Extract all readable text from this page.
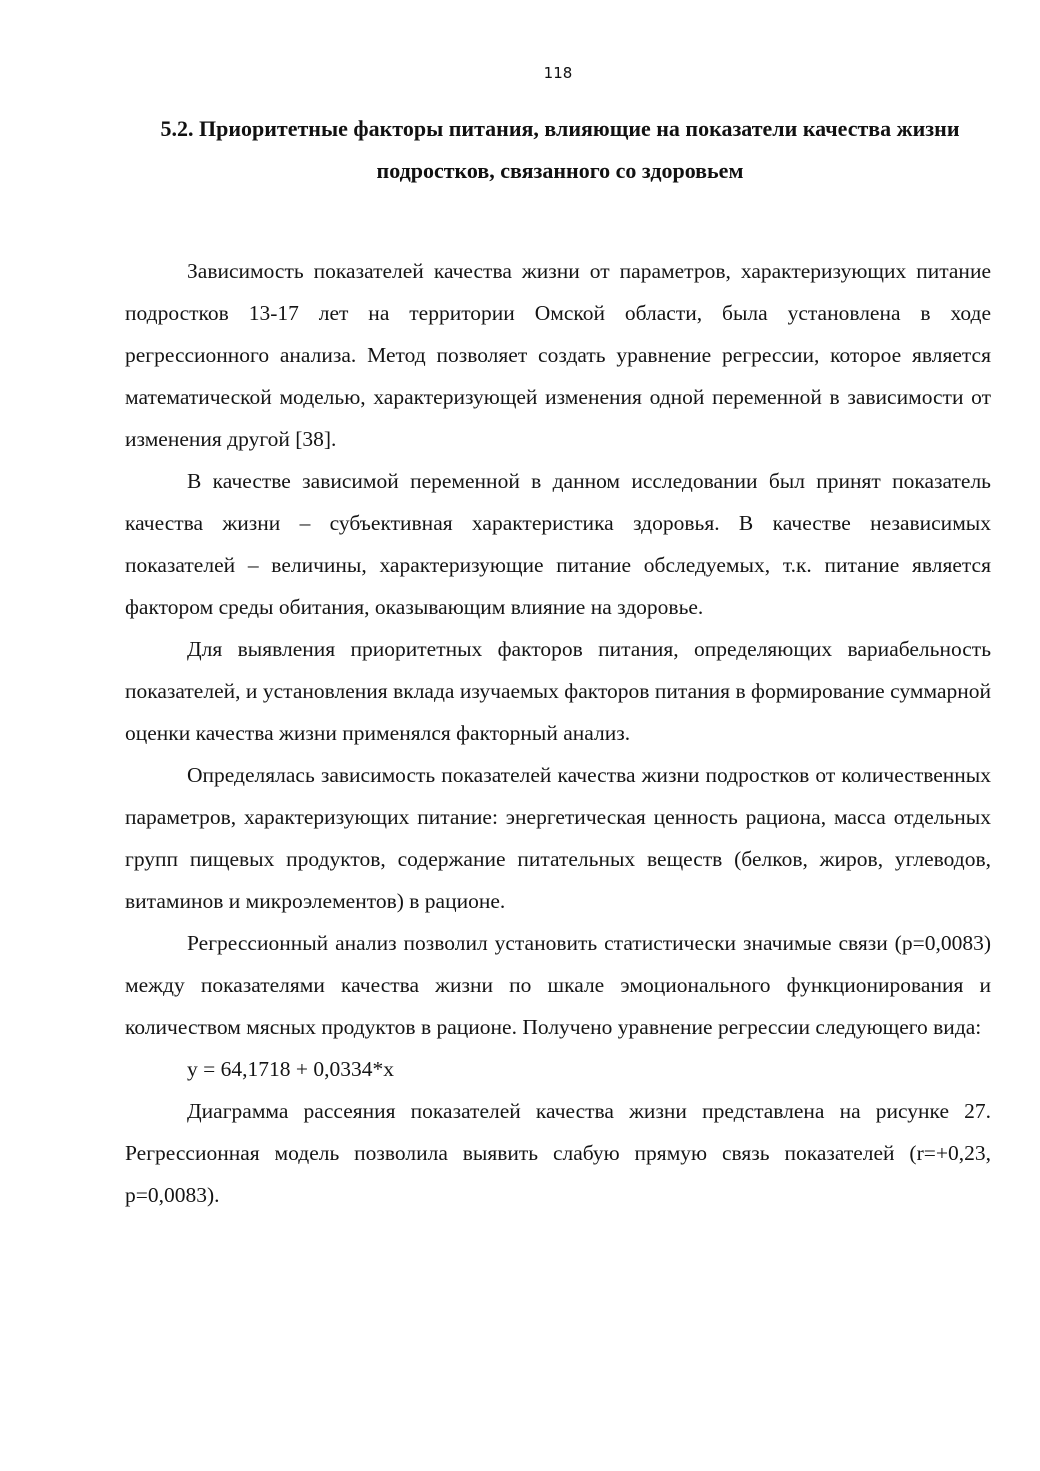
118
5.2. Приоритетные факторы питания, влияющие на показатели качества жизни подростков, связанного со здоровьем

Зависимость показателей качества жизни от параметров, характеризующих питание подростков 13-17 лет на территории Омской области, была установлена в ходе регрессионного анализа. Метод позволяет создать уравнение регрессии, которое является математической моделью, характеризующей изменения одной переменной в зависимости от изменения другой [38].

В качестве зависимой переменной в данном исследовании был принят показатель качества жизни – субъективная характеристика здоровья. В качестве независимых показателей – величины, характеризующие питание обследуемых, т.к. питание является фактором среды обитания, оказывающим влияние на здоровье.

Для выявления приоритетных факторов питания, определяющих вариабельность показателей, и установления вклада изучаемых факторов питания в формирование суммарной оценки качества жизни применялся факторный анализ.

Определялась зависимость показателей качества жизни подростков от количественных параметров, характеризующих питание: энергетическая ценность рациона, масса отдельных групп пищевых продуктов, содержание питательных веществ (белков, жиров, углеводов, витаминов и микроэлементов) в рационе.

Регрессионный анализ позволил установить статистически значимые связи (p=0,0083) между показателями качества жизни по шкале эмоционального функционирования и количеством мясных продуктов в рационе. Получено уравнение регрессии следующего вида:

y = 64,1718 + 0,0334*x

Диаграмма рассеяния показателей качества жизни представлена на рисунке 27. Регрессионная модель позволила выявить слабую прямую связь показателей (r=+0,23, p=0,0083).
